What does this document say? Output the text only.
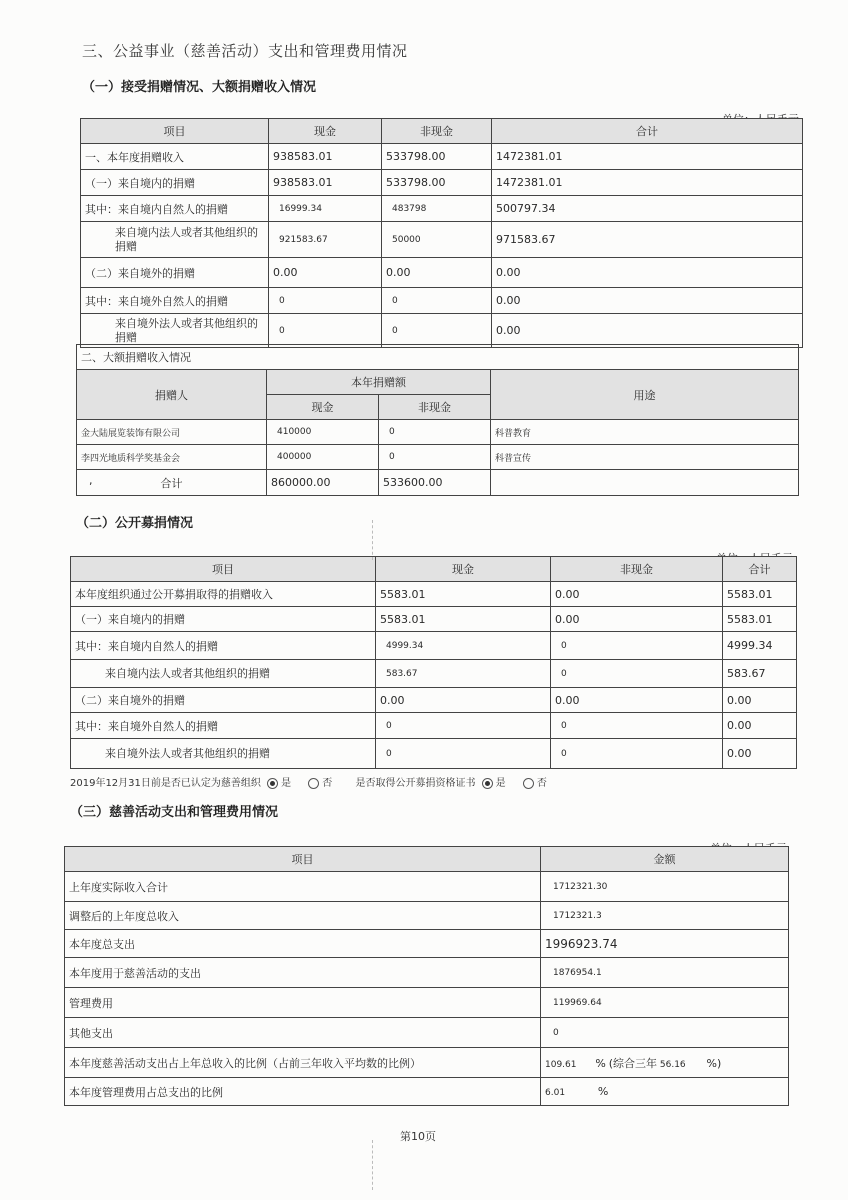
三、公益事业（慈善活动）支出和管理费用情况
（一）接受捐赠情况、大额捐赠收入情况
项目	现金	非现金	合计
一、本年度捐赠收入	938583.01	533798.00	1472381.01
（一）来自境内的捐赠	938583.01	533798.00	1472381.01
其中：来自境内自然人的捐赠	16999.34	483798	500797.34
来自境内法人或者其他组织的捐赠	921583.67	50000	971583.67
（二）来自境外的捐赠	0.00	0.00	0.00
其中：来自境外自然人的捐赠	0	0	0.00
来自境外法人或者其他组织的捐赠	0	0	0.00
二、大额捐赠收入情况			
捐赠人	本年捐赠额		用途
	现金	非现金	
金大陆展览装饰有限公司	410000	0	科普教育
李四光地质科学奖基金会	400000	0	科普宣传

, 合计	860000.00	533600.00	
（二）公开募捐情况
项目	现金	非现金	合计
本年度组织通过公开募捐取得的捐赠收入	5583.01	0.00	5583.01
（一）来自境内的捐赠	5583.01	0.00	5583.01
其中：来自境内自然人的捐赠	4999.34	0	4999.34
来自境内法人或者其他组织的捐赠	583.67	0	583.67
（二）来自境外的捐赠	0.00	0.00	0.00
其中：来自境外自然人的捐赠	0	0	0.00
来自境外法人或者其他组织的捐赠	0	0	0.00
2019年12月31日前是否已认定为慈善组织 是	否 是否取得公开募捐资格证书 是	否
（三）慈善活动支出和管理费用情况
项目	金额
上年度实际收入合计	1712321.30
调整后的上年度总收入	1712321.3
本年度总支出	1996923.74
本年度用于慈善活动的支出	1876954.1
管理费用	119969.64
其他支出	0
本年度慈善活动支出占上年总收入的比例（占前三年收入平均数的比例）	109.61 % (综合三年 56.16 %)
本年度管理费用占总支出的比例	6.01 %
第10页
